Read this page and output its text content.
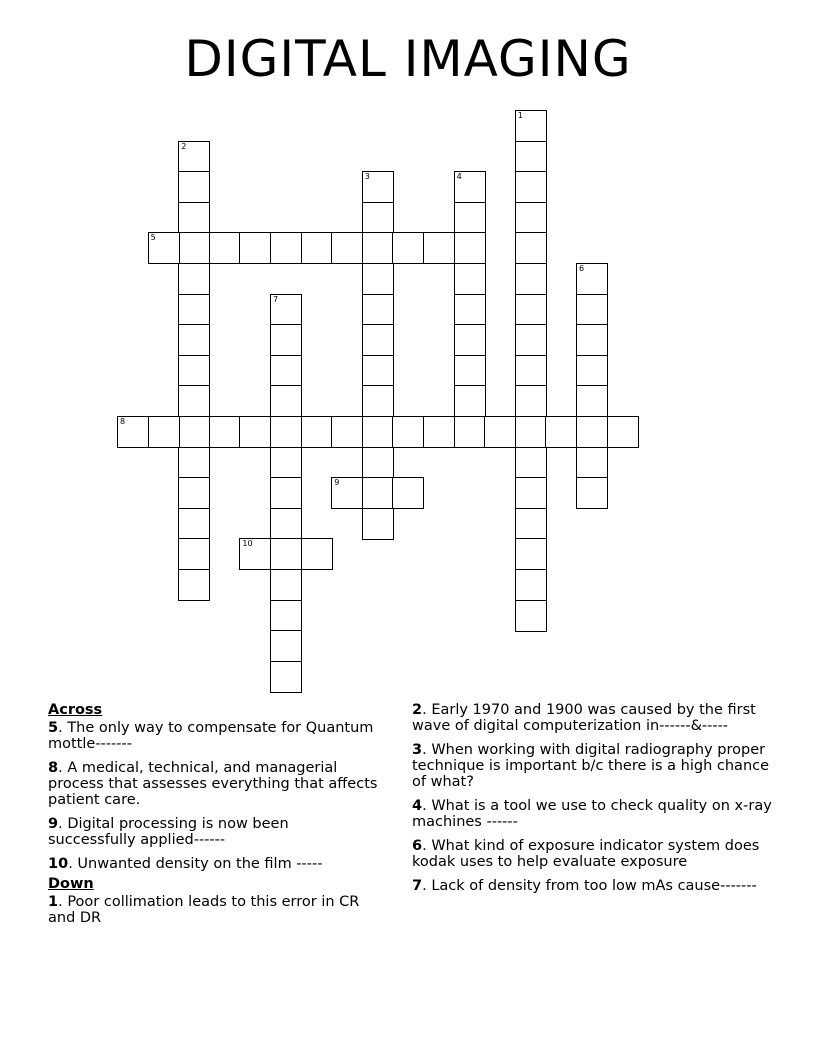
DIGITAL IMAGING
1
2
3	4
5
6
7
8
9
10
Across
5. The only way to compensate for Quantum mottle-------
8. A medical, technical, and managerial process that assesses everything that affects patient care.
9. Digital processing is now been successfully applied------
10. Unwanted density on the film -----
Down
1. Poor collimation leads to this error in CR and DR
2. Early 1970 and 1900 was caused by the first wave of digital computerization in------&-----
3. When working with digital radiography proper technique is important b/c there is a high chance of what?
4. What is a tool we use to check quality on x-ray machines ------
6. What kind of exposure indicator system does kodak uses to help evaluate exposure
7. Lack of density from too low mAs cause-------
